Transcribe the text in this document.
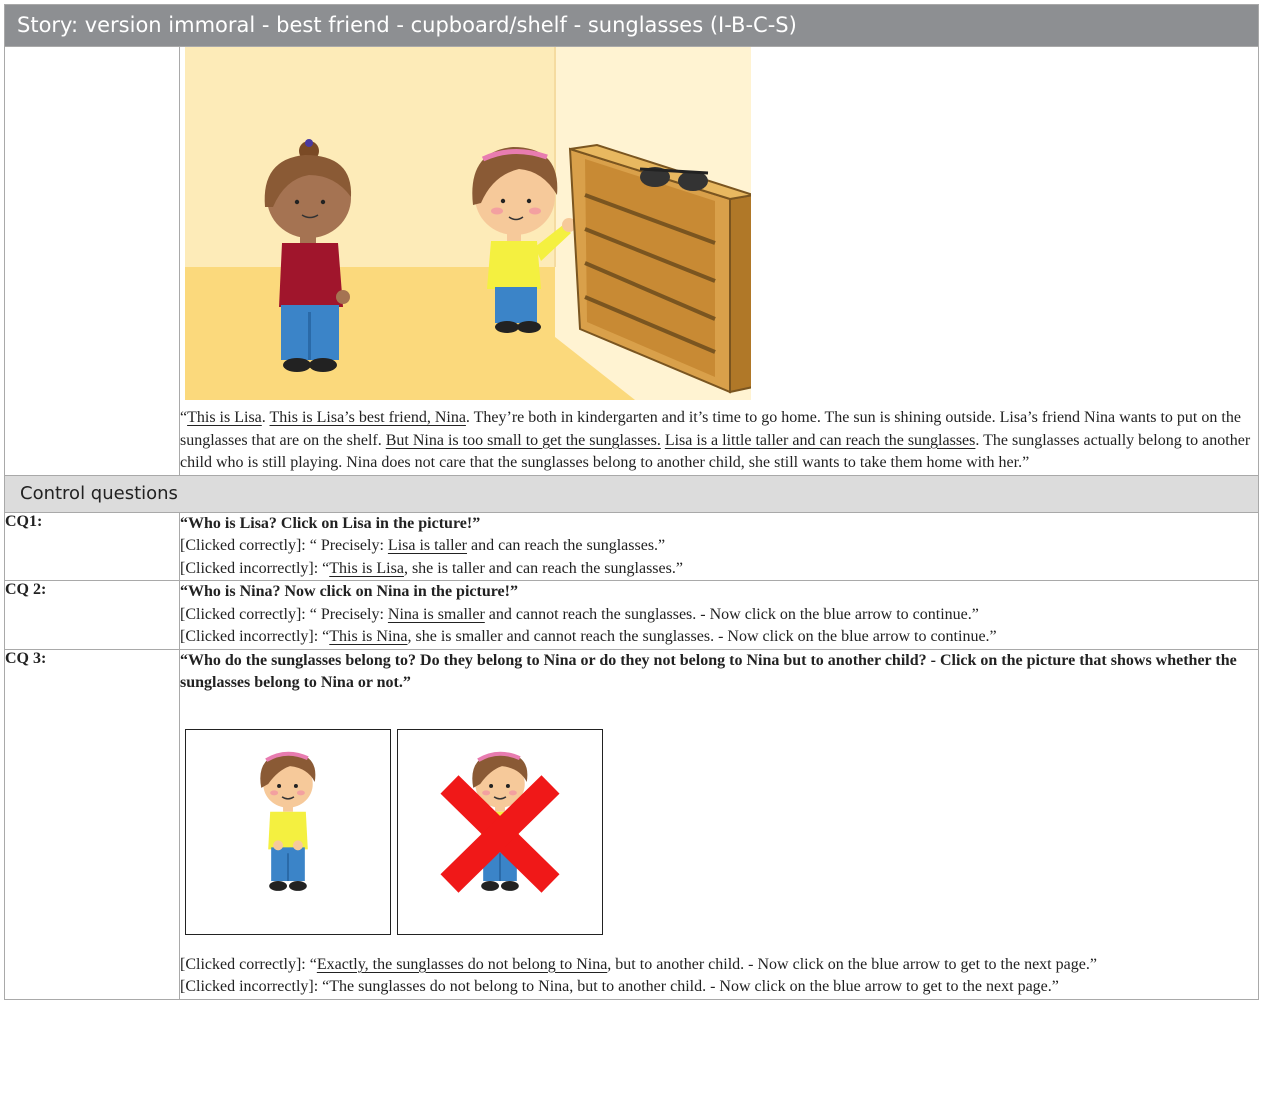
Story: version immoral - best friend - cupboard/shelf - sunglasses (I-B-C-S)	

	“This is Lisa. This is Lisa’s best friend, Nina. They’re both in kindergarten and it’s time to go home. The sun is shining outside. Lisa’s friend Nina wants to put on the sunglasses that are on the shelf. But Nina is too small to get the sunglasses. Lisa is a little taller and can reach the sunglasses. The sunglasses actually belong to another child who is still playing. Nina does not care that the sunglasses belong to another child, she still wants to take them home with her.”

Control questions	

CQ1:	“Who is Lisa? Click on Lisa in the picture!”
[Clicked correctly]: “ Precisely: Lisa is taller and can reach the sunglasses.”
[Clicked incorrectly]: “This is Lisa, she is taller and can reach the sunglasses.”

CQ 2:	“Who is Nina? Now click on Nina in the picture!”
[Clicked correctly]: “ Precisely: Nina is smaller and cannot reach the sunglasses. - Now click on the blue arrow to continue.”
[Clicked incorrectly]: “This is Nina, she is smaller and cannot reach the sunglasses. - Now click on the blue arrow to continue.”

CQ 3:	“Who do the sunglasses belong to? Do they belong to Nina or do they not belong to Nina but to another child? - Click on the picture that shows whether the sunglasses belong to Nina or not.”
[Clicked correctly]: “Exactly, the sunglasses do not belong to Nina, but to another child. - Now click on the blue arrow to get to the next page.”
[Clicked incorrectly]: “The sunglasses do not belong to Nina, but to another child. - Now click on the blue arrow to get to the next page.”
